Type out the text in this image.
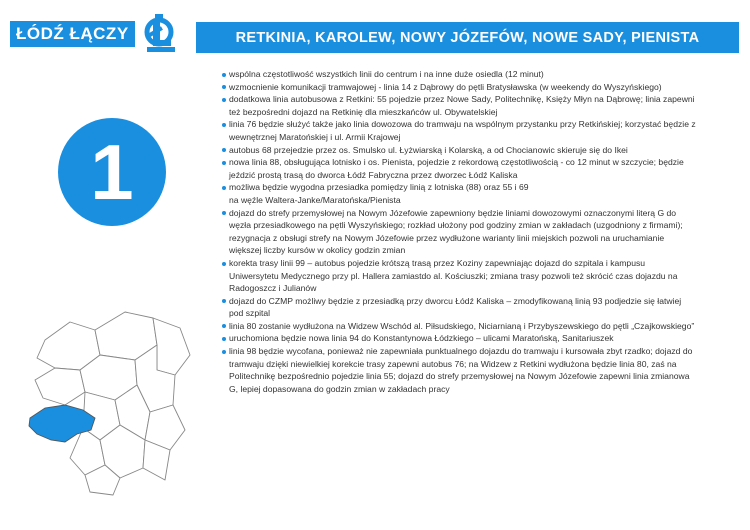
ŁÓDŹ ŁĄCZY	RETKINIA, KAROLEW, NOWY JÓZEFÓW, NOWE SADY, PIENISTA
1
wspólna częstotliwość wszystkich linii do centrum i na inne duże osiedla (12 minut)
wzmocnienie komunikacji tramwajowej - linia 14 z Dąbrowy do pętli Bratysławska (w weekendy do Wyszyńskiego)
dodatkowa linia autobusowa z Retkini: 55 pojedzie przez Nowe Sady, Politechnikę, Księży Młyn na Dąbrowę; linia zapewni też bezpośredni dojazd na Retkinię dla mieszkańców ul. Obywatelskiej
linia 76 będzie służyć także jako linia dowozowa do tramwaju na wspólnym przystanku przy Retkińskiej; korzystać będzie z wewnętrznej Maratońskiej i ul. Armii Krajowej
autobus 68 przejedzie przez os. Smulsko ul. Łyżwiarską i Kolarską, a od Chocianowic skieruje się do Ikei
nowa linia 88, obsługująca lotnisko i os. Pienista, pojedzie z rekordową częstotliwością - co 12 minut w szczycie; będzie jeździć prostą trasą do dworca Łódź Fabryczna przez dworzec Łódź Kaliska
możliwa będzie wygodna przesiadka pomiędzy linią z lotniska (88) oraz 55 i 69
na węźle Waltera-Janke/Maratońska/Pienista
dojazd do strefy przemysłowej na Nowym Józefowie zapewniony będzie liniami dowozowymi oznaczonymi literą G do węzła przesiadkowego na pętli Wyszyńskiego; rozkład ułożony pod godziny zmian w zakładach (uzgodniony z firmami); rezygnacja z obsługi strefy na Nowym Józefowie przez wydłużone warianty linii miejskich pozwoli na uruchamianie większej liczby kursów w okolicy godzin zmian
korekta trasy linii 99 – autobus pojedzie krótszą trasą przez Koziny zapewniając dojazd do szpitala i kampusu Uniwersytetu Medycznego przy pl. Hallera zamiastdo al. Kościuszki; zmiana trasy pozwoli też skrócić czas dojazdu na Radogoszcz i Julianów
dojazd do CZMP możliwy będzie z przesiadką przy dworcu Łódź Kaliska – zmodyfikowaną linią 93 podjedzie się łatwiej pod szpital
linia 80 zostanie wydłużona na Widzew Wschód al. Piłsudskiego, Niciarnianą i Przybyszewskiego do pętli „Czajkowskiego”
uruchomiona będzie nowa linia 94 do Konstantynowa Łódzkiego – ulicami Maratońską, Sanitariuszek
linia 98 będzie wycofana, ponieważ nie zapewniała punktualnego dojazdu do tramwaju i kursowała zbyt rzadko; dojazd do tramwaju dzięki niewielkiej korekcie trasy zapewni autobus 76; na Widzew z Retkini wydłużona będzie linia 80, zaś na Politechnikę bezpośrednio pojedzie linia 55; dojazd do strefy przemysłowej na Nowym Józefowie zapewni linia zmianowa G, lepiej dopasowana do godzin zmian w zakładach pracy
